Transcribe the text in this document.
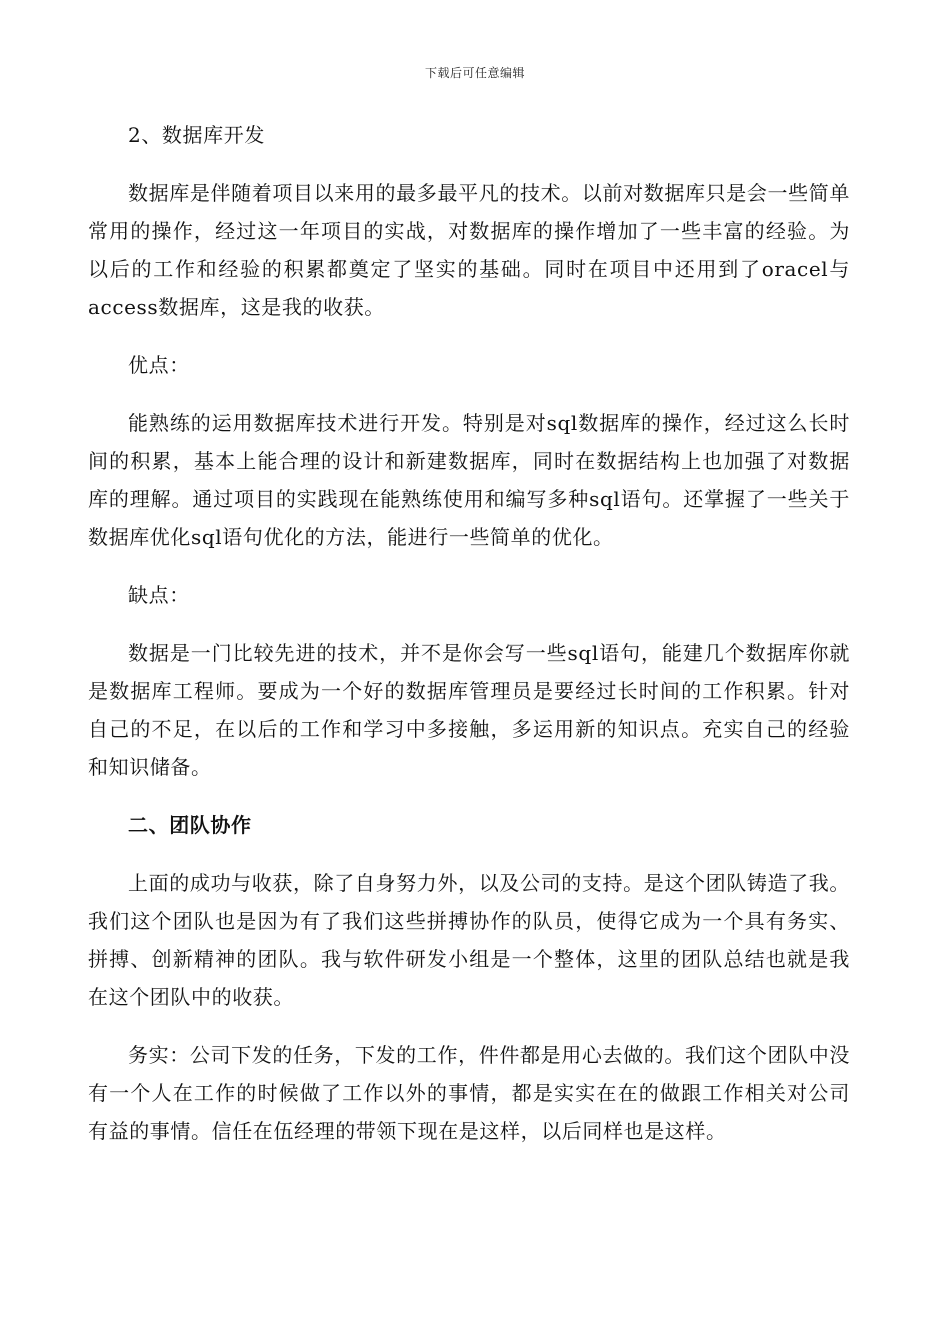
下载后可任意编辑

2、数据库开发

数据库是伴随着项目以来用的最多最平凡的技术。以前对数据库只是会一些简单常用的操作，经过这一年项目的实战，对数据库的操作增加了一些丰富的经验。为以后的工作和经验的积累都奠定了坚实的基础。同时在项目中还用到了oracel与access数据库，这是我的收获。

优点：

能熟练的运用数据库技术进行开发。特别是对sql数据库的操作，经过这么长时间的积累，基本上能合理的设计和新建数据库，同时在数据结构上也加强了对数据库的理解。通过项目的实践现在能熟练使用和编写多种sql语句。还掌握了一些关于数据库优化sql语句优化的方法，能进行一些简单的优化。

缺点：

数据是一门比较先进的技术，并不是你会写一些sql语句，能建几个数据库你就是数据库工程师。要成为一个好的数据库管理员是要经过长时间的工作积累。针对自己的不足，在以后的工作和学习中多接触，多运用新的知识点。充实自己的经验和知识储备。

二、团队协作

上面的成功与收获，除了自身努力外，以及公司的支持。是这个团队铸造了我。我们这个团队也是因为有了我们这些拼搏协作的队员，使得它成为一个具有务实、拼搏、创新精神的团队。我与软件研发小组是一个整体，这里的团队总结也就是我在这个团队中的收获。

务实：公司下发的任务，下发的工作，件件都是用心去做的。我们这个团队中没有一个人在工作的时候做了工作以外的事情，都是实实在在的做跟工作相关对公司有益的事情。信任在伍经理的带领下现在是这样，以后同样也是这样。
